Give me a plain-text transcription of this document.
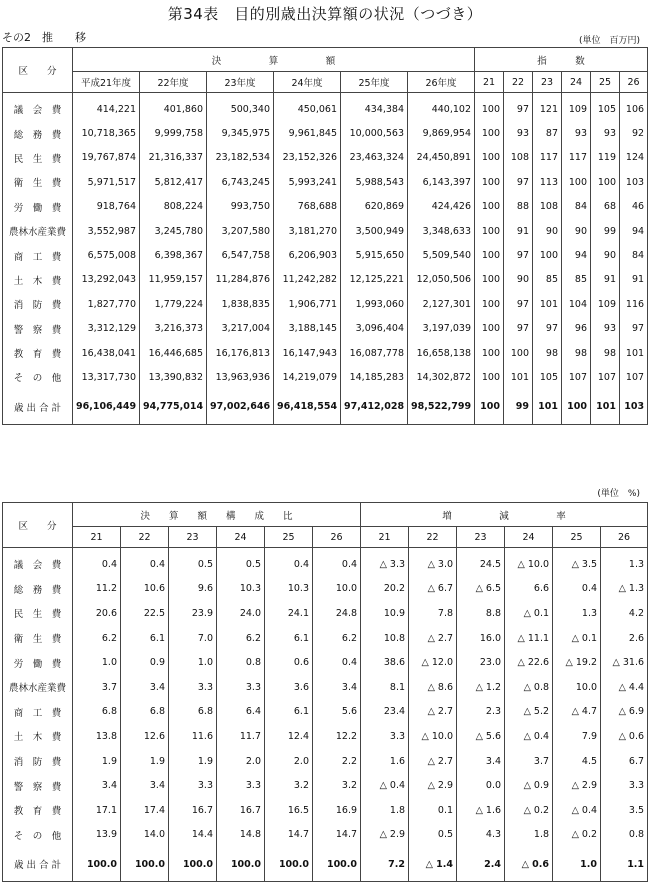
第34表　目的別歳出決算額の状況（つづき）
その2　推　　移	(単位　百万円)
区　　分	決　　　　　算　　　　　額						指　　　数					
	平成21年度	22年度	23年度	24年度	25年度	26年度	21	22	23	24	25	26
議　会　費	414,221	401,860	500,340	450,061	434,384	440,102	100	97	121	109	105	106
総　務　費	10,718,365	9,999,758	9,345,975	9,961,845	10,000,563	9,869,954	100	93	87	93	93	92
民　生　費	19,767,874	21,316,337	23,182,534	23,152,326	23,463,324	24,450,891	100	108	117	117	119	124
衛　生　費	5,971,517	5,812,417	6,743,245	5,993,241	5,988,543	6,143,397	100	97	113	100	100	103
労　働　費	918,764	808,224	993,750	768,688	620,869	424,426	100	88	108	84	68	46
農林水産業費	3,552,987	3,245,780	3,207,580	3,181,270	3,500,949	3,348,633	100	91	90	90	99	94
商　工　費	6,575,008	6,398,367	6,547,758	6,206,903	5,915,650	5,509,540	100	97	100	94	90	84
土　木　費	13,292,043	11,959,157	11,284,876	11,242,282	12,125,221	12,050,506	100	90	85	85	91	91
消　防　費	1,827,770	1,779,224	1,838,835	1,906,771	1,993,060	2,127,301	100	97	101	104	109	116
警　察　費	3,312,129	3,216,373	3,217,004	3,188,145	3,096,404	3,197,039	100	97	97	96	93	97
教　育　費	16,438,041	16,446,685	16,176,813	16,147,943	16,087,778	16,658,138	100	100	98	98	98	101
そ　の　他	13,317,730	13,390,832	13,963,936	14,219,079	14,185,283	14,302,872	100	101	105	107	107	107
歳 出 合 計	96,106,449	94,775,014	97,002,646	96,418,554	97,412,028	98,522,799	100	99	101	100	101	103
(単位　%)
区　　分	決　　算　　額　　構　　成　　比						増　　　　　減　　　　　率					
	21	22	23	24	25	26	21	22	23	24	25	26
議　会　費	0.4	0.4	0.5	0.5	0.4	0.4	△ 3.3	△ 3.0	24.5	△ 10.0	△ 3.5	1.3
総　務　費	11.2	10.6	9.6	10.3	10.3	10.0	20.2	△ 6.7	△ 6.5	6.6	0.4	△ 1.3
民　生　費	20.6	22.5	23.9	24.0	24.1	24.8	10.9	7.8	8.8	△ 0.1	1.3	4.2
衛　生　費	6.2	6.1	7.0	6.2	6.1	6.2	10.8	△ 2.7	16.0	△ 11.1	△ 0.1	2.6
労　働　費	1.0	0.9	1.0	0.8	0.6	0.4	38.6	△ 12.0	23.0	△ 22.6	△ 19.2	△ 31.6
農林水産業費	3.7	3.4	3.3	3.3	3.6	3.4	8.1	△ 8.6	△ 1.2	△ 0.8	10.0	△ 4.4
商　工　費	6.8	6.8	6.8	6.4	6.1	5.6	23.4	△ 2.7	2.3	△ 5.2	△ 4.7	△ 6.9
土　木　費	13.8	12.6	11.6	11.7	12.4	12.2	3.3	△ 10.0	△ 5.6	△ 0.4	7.9	△ 0.6
消　防　費	1.9	1.9	1.9	2.0	2.0	2.2	1.6	△ 2.7	3.4	3.7	4.5	6.7
警　察　費	3.4	3.4	3.3	3.3	3.2	3.2	△ 0.4	△ 2.9	0.0	△ 0.9	△ 2.9	3.3
教　育　費	17.1	17.4	16.7	16.7	16.5	16.9	1.8	0.1	△ 1.6	△ 0.2	△ 0.4	3.5
そ　の　他	13.9	14.0	14.4	14.8	14.7	14.7	△ 2.9	0.5	4.3	1.8	△ 0.2	0.8
歳 出 合 計	100.0	100.0	100.0	100.0	100.0	100.0	7.2	△ 1.4	2.4	△ 0.6	1.0	1.1
